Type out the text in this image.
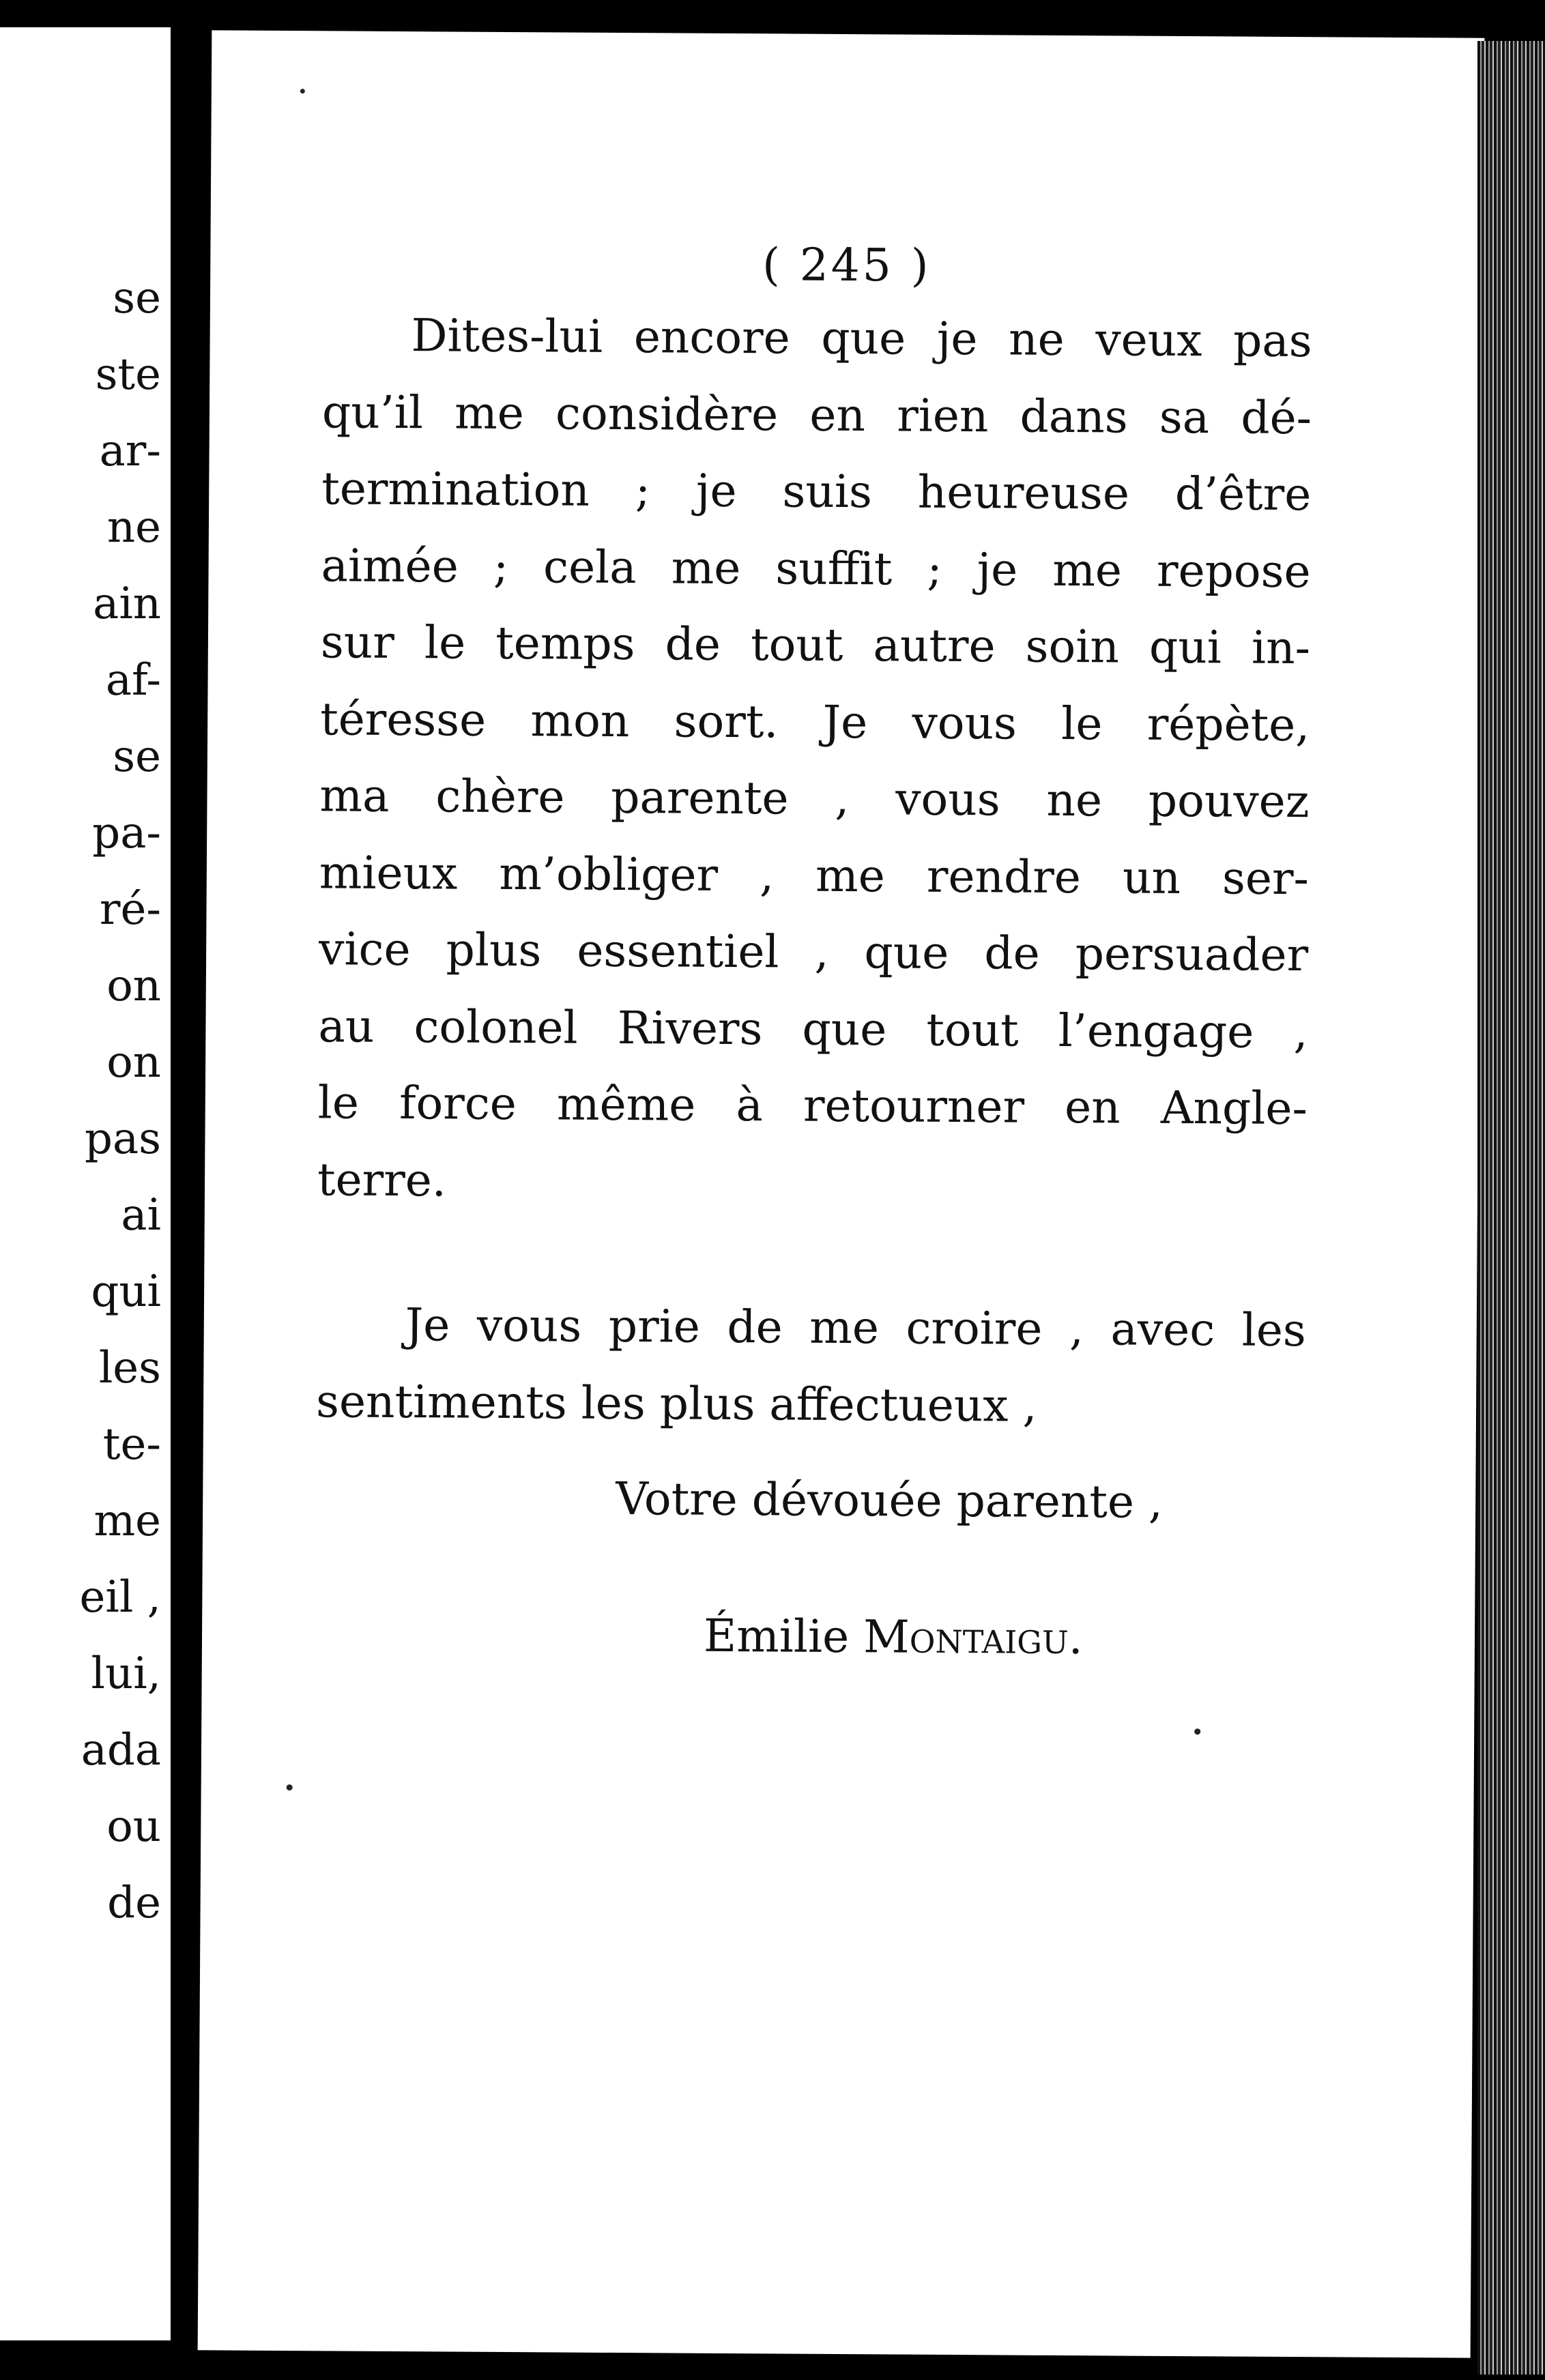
se
ste
ar-
ne
ain
af-
se
pa-
ré-
on
on
pas
ai
qui
les
te-
me
eil ,
lui,
ada
ou
de
( 245 )
Dites-lui encore que je ne veux pas
qu’il me considère en rien dans sa dé-
termination ; je suis heureuse d’être
aimée ; cela me suffit ; je me repose
sur le temps de tout autre soin qui in-
téresse mon sort. Je vous le répète,
ma chère parente , vous ne pouvez
mieux m’obliger , me rendre un ser-
vice plus essentiel , que de persuader
au colonel Rivers que tout l’engage ,
le force même à retourner en Angle-
terre.
Je vous prie de me croire , avec les
sentiments les plus affectueux ,
Votre dévouée parente ,
Émilie Montaigu.
